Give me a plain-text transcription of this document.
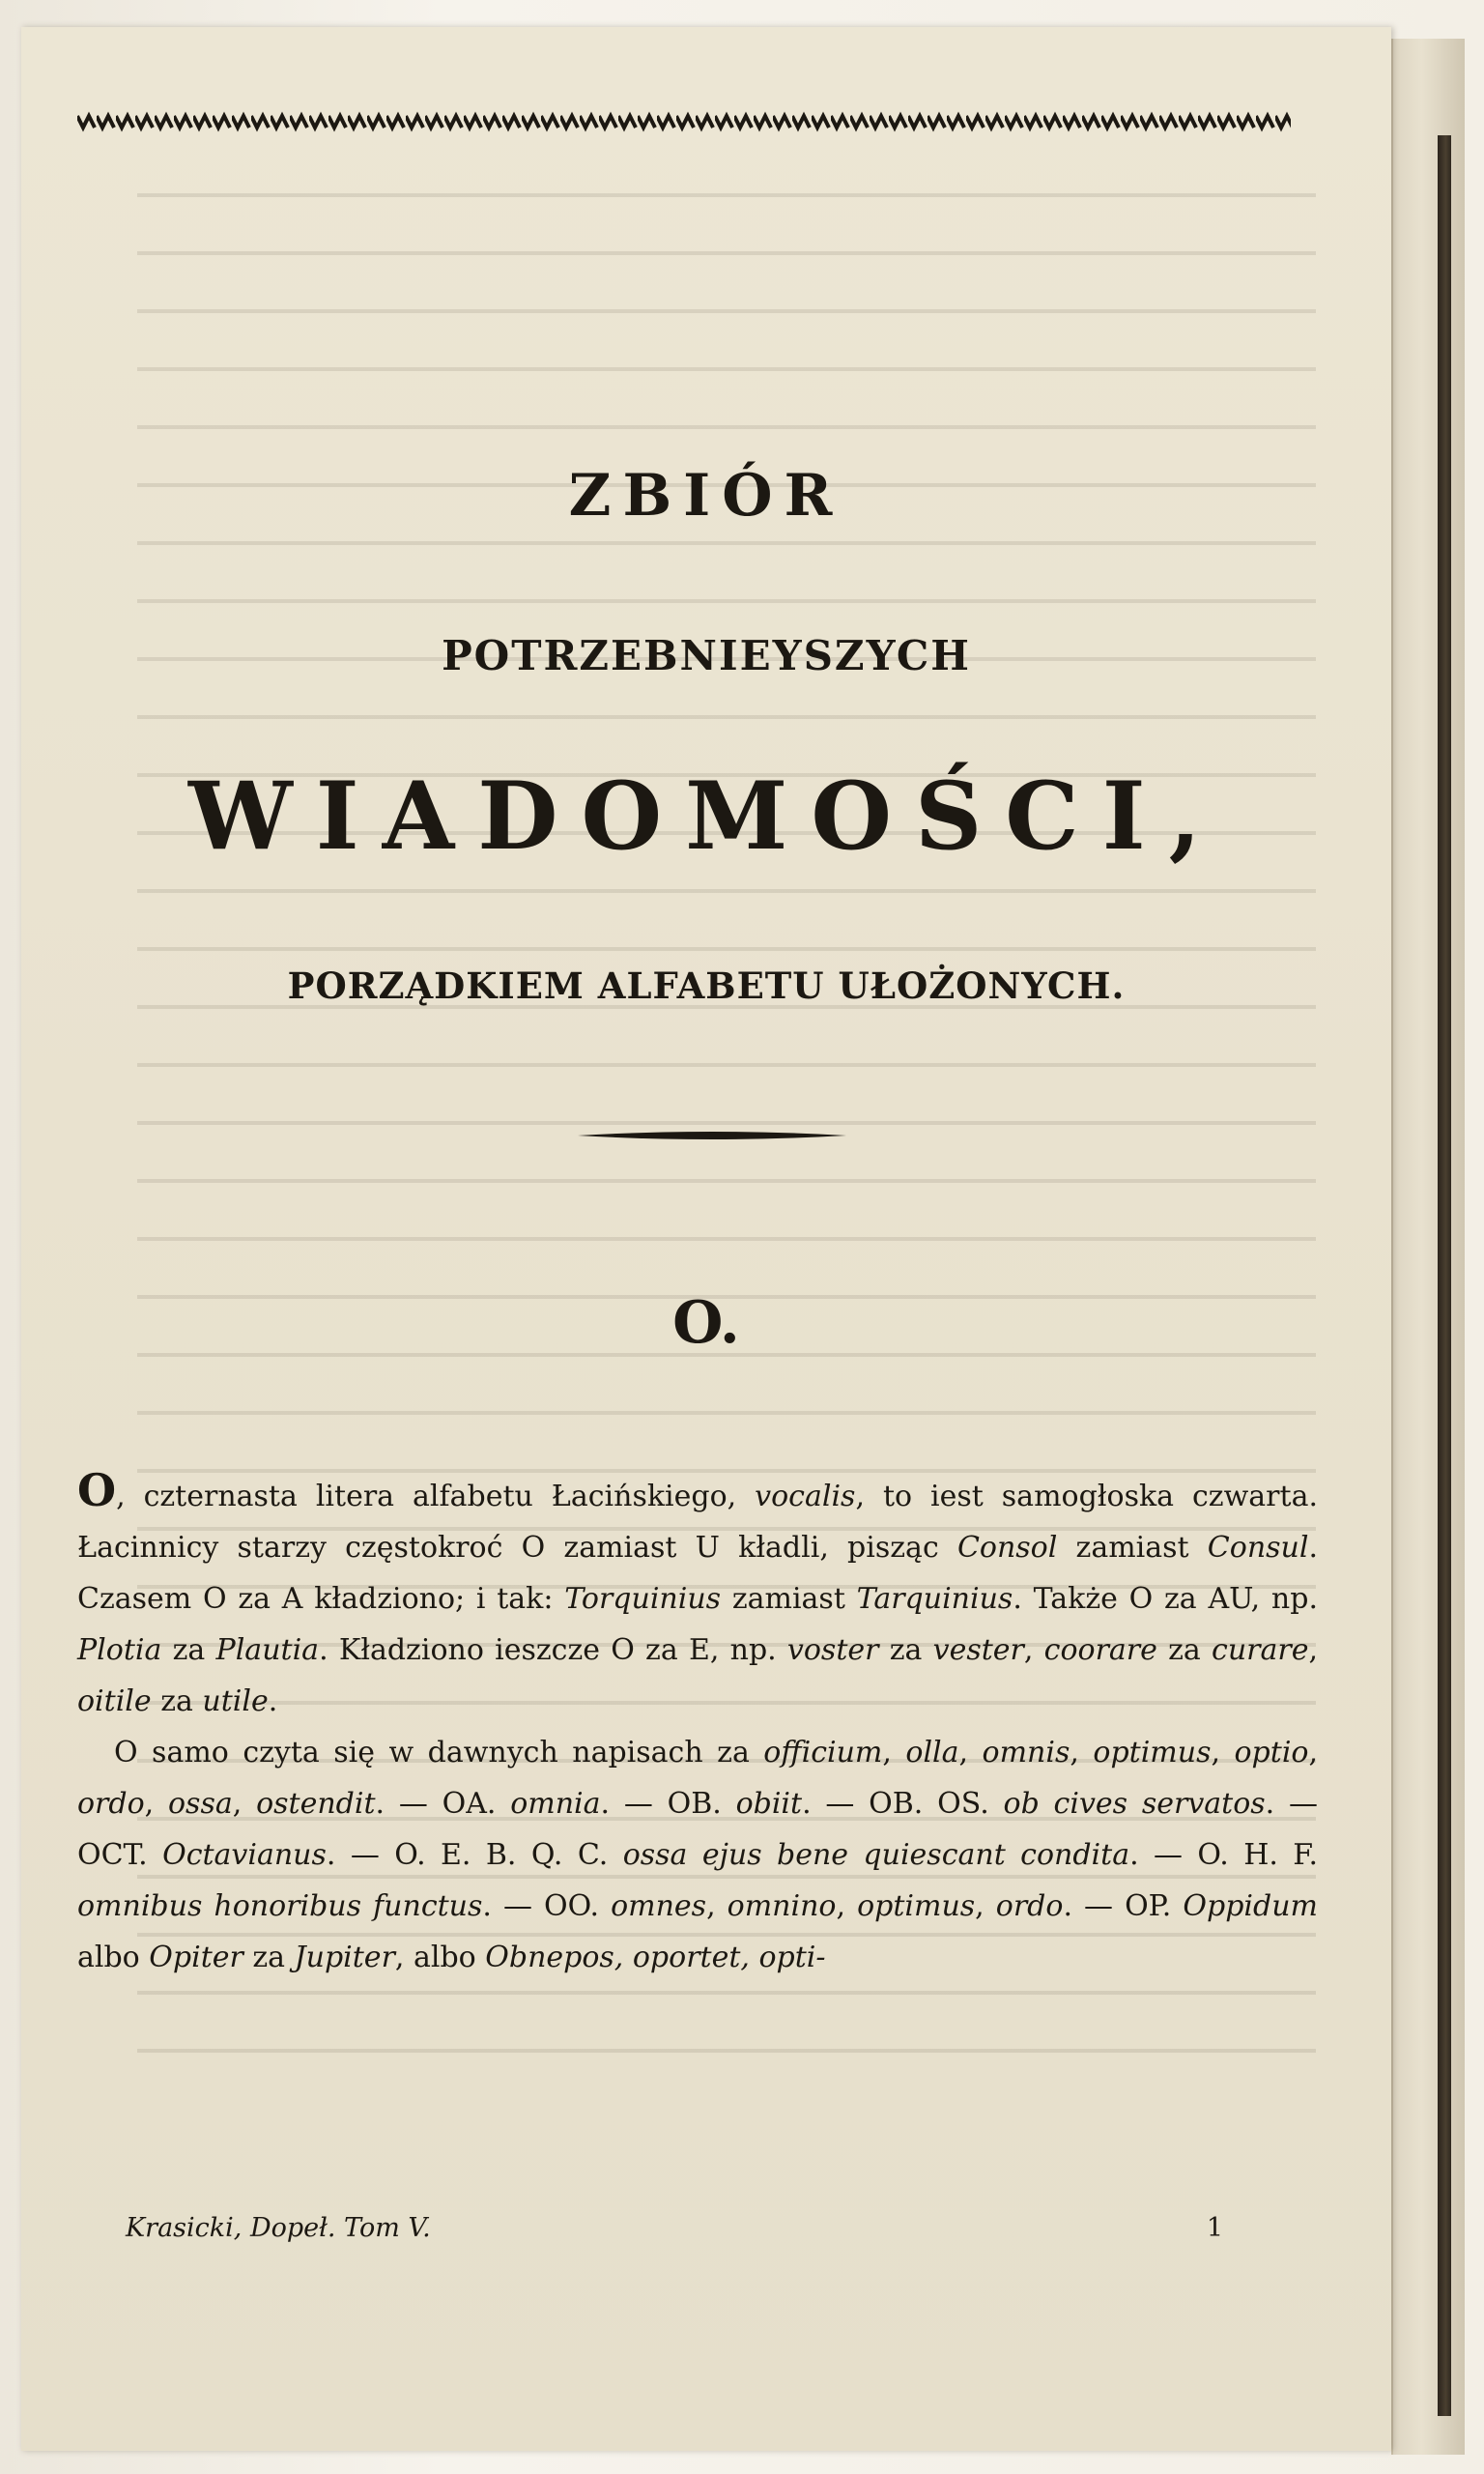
ZBIÓR
POTRZEBNIEYSZYCH
WIADOMOŚCI,
PORZĄDKIEM ALFABETU UŁOŻONYCH.
O.

O, czternasta litera alfabetu Łacińskiego, vocalis, to iest samogłoska czwarta. Łacinnicy starzy częstokroć O zamiast U kładli, pisząc Consol zamiast Consul. Czasem O za A kładziono; i tak: Torquinius zamiast Tarquinius. Także O za AU, np. Plotia za Plautia. Kładziono ieszcze O za E, np. voster za vester, coorare za curare, oitile za utile.

O samo czyta się w dawnych napisach za officium, olla, omnis, optimus, optio, ordo, ossa, ostendit. — OA. omnia. — OB. obiit. — OB. OS. ob cives servatos. — OCT. Octavianus. — O. E. B. Q. C. ossa ejus bene quiescant condita. — O. H. F. omnibus honoribus functus. — OO. omnes, omnino, optimus, ordo. — OP. Oppidum albo Opiter za Jupiter, albo Obnepos, oportet, opti-

Krasicki, Dopeł. Tom V.	1
